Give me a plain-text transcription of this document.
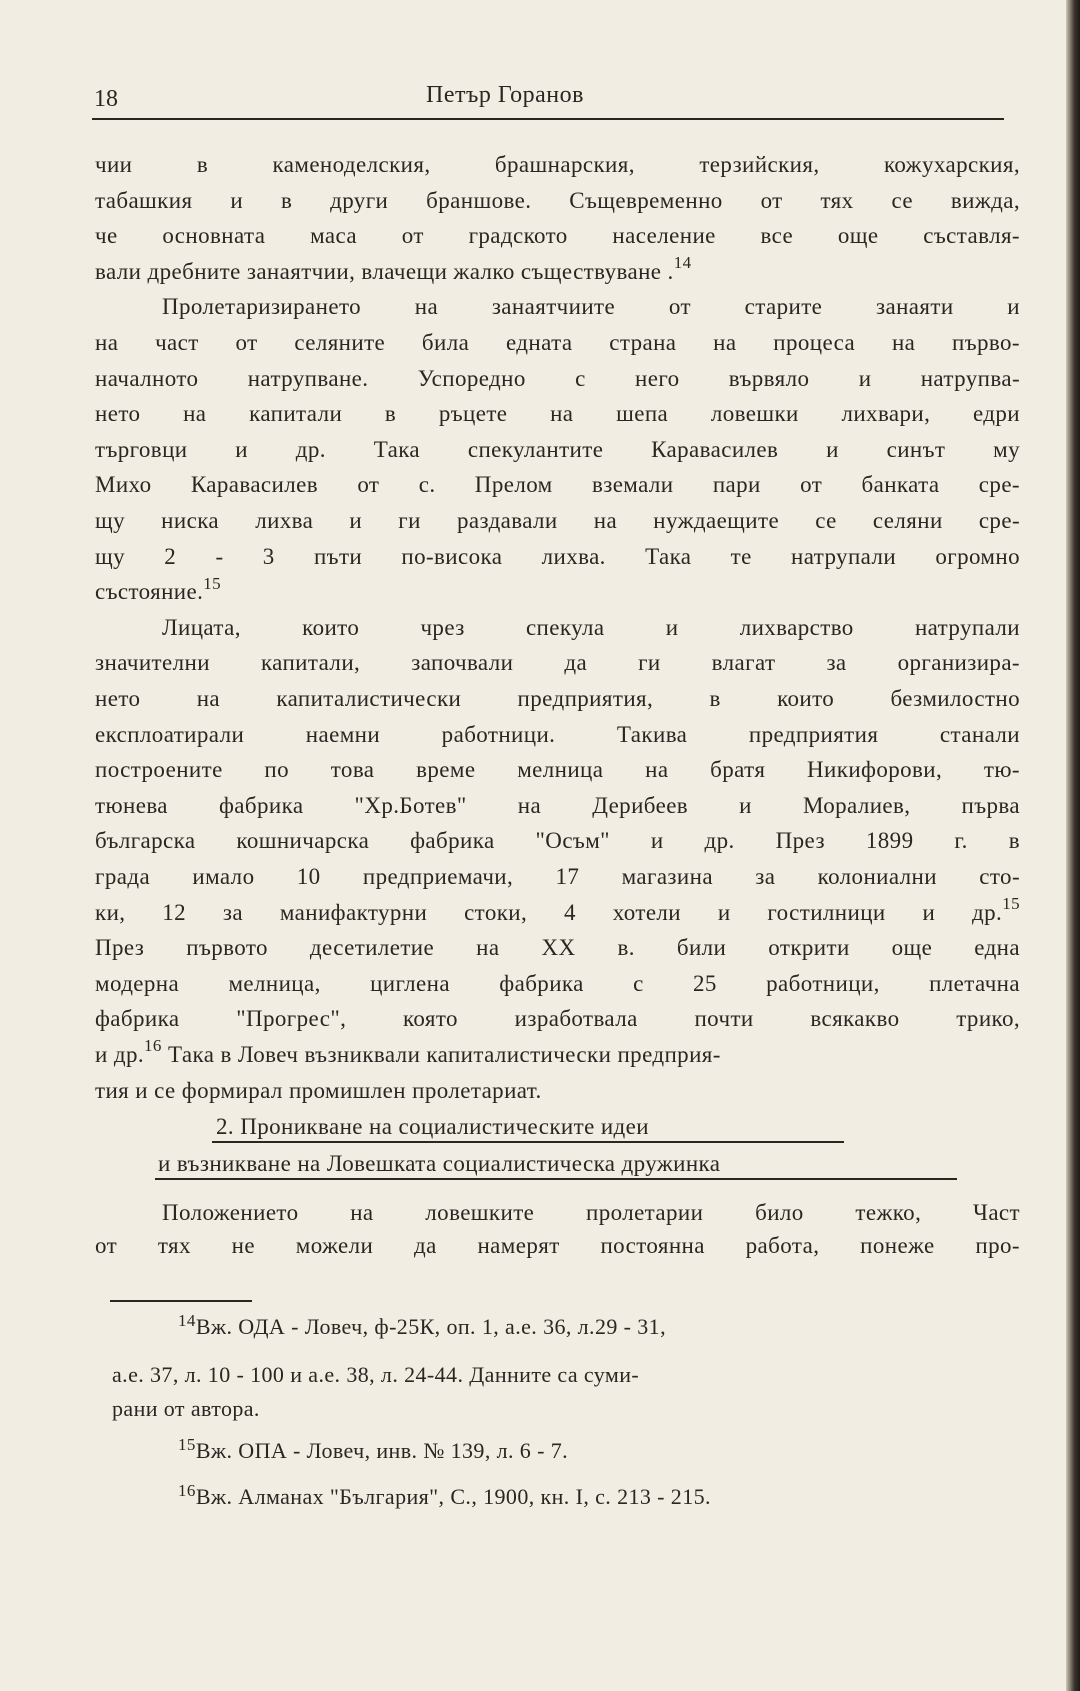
18	Петър Горанов
чии в каменоделския, брашнарския, терзийския, кожухарския,
табашкия и в други браншове. Същевременно от тях се вижда,
че основната маса от градското население все още съставля-
вали дребните занаятчии, влачещи жалко съществуване .$^{14}$
Пролетаризирането на занаятчиите от старите занаяти и
на част от селяните била едната страна на процеса на първо-
началното натрупване. Успоредно с него вървяло и натрупва-
нето на капитали в ръцете на шепа ловешки лихвари, едри
търговци и др. Така спекулантите Каравасилев и синът му
Михо Каравасилев от с. Прелом вземали пари от банката сре-
щу ниска лихва и ги раздавали на нуждаещите се селяни сре-
щу 2 - 3 пъти по-висока лихва. Така те натрупали огромно
състояние.$^{15}$
Лицата, които чрез спекула и лихварство натрупали
значителни капитали, започвали да ги влагат за организира-
нето на капиталистически предприятия, в които безмилостно
експлоатирали наемни работници. Такива предприятия станали
построените по това време мелница на братя Никифорови, тю-
тюнева фабрика "Хр.Ботев" на Дерибеев и Моралиев, първа
българска кошничарска фабрика "Осъм" и др. През 1899 г. в
града имало 10 предприемачи, 17 магазина за колониални сто-
ки, 12 за манифактурни стоки, 4 хотели и гостилници и др.$^{15}$
През първото десетилетие на XX в. били открити още една
модерна мелница, циглена фабрика с 25 работници, плетачна
фабрика "Прогрес", която изработвала почти всякакво трико,
и др.$^{16}$ Така в Ловеч възниквали капиталистически предприя-
тия и се формирал промишлен пролетариат.
2. Проникване на социалистическите идеи
и възникване на Ловешката социалистическа дружинка
Положението на ловешките пролетарии било тежко, Част
от тях не можели да намерят постоянна работа, понеже про-
$^{14}$Вж. ОДА - Ловеч, ф-25К, оп. 1, а.е. 36, л.29 - 31,
а.е. 37, л. 10 - 100 и а.е. 38, л. 24-44. Данните са суми-
рани от автора.
$^{15}$Вж. ОПА - Ловеч, инв. № 139, л. 6 - 7.
$^{16}$Вж. Алманах "България", С., 1900, кн. I, с. 213 - 215.
